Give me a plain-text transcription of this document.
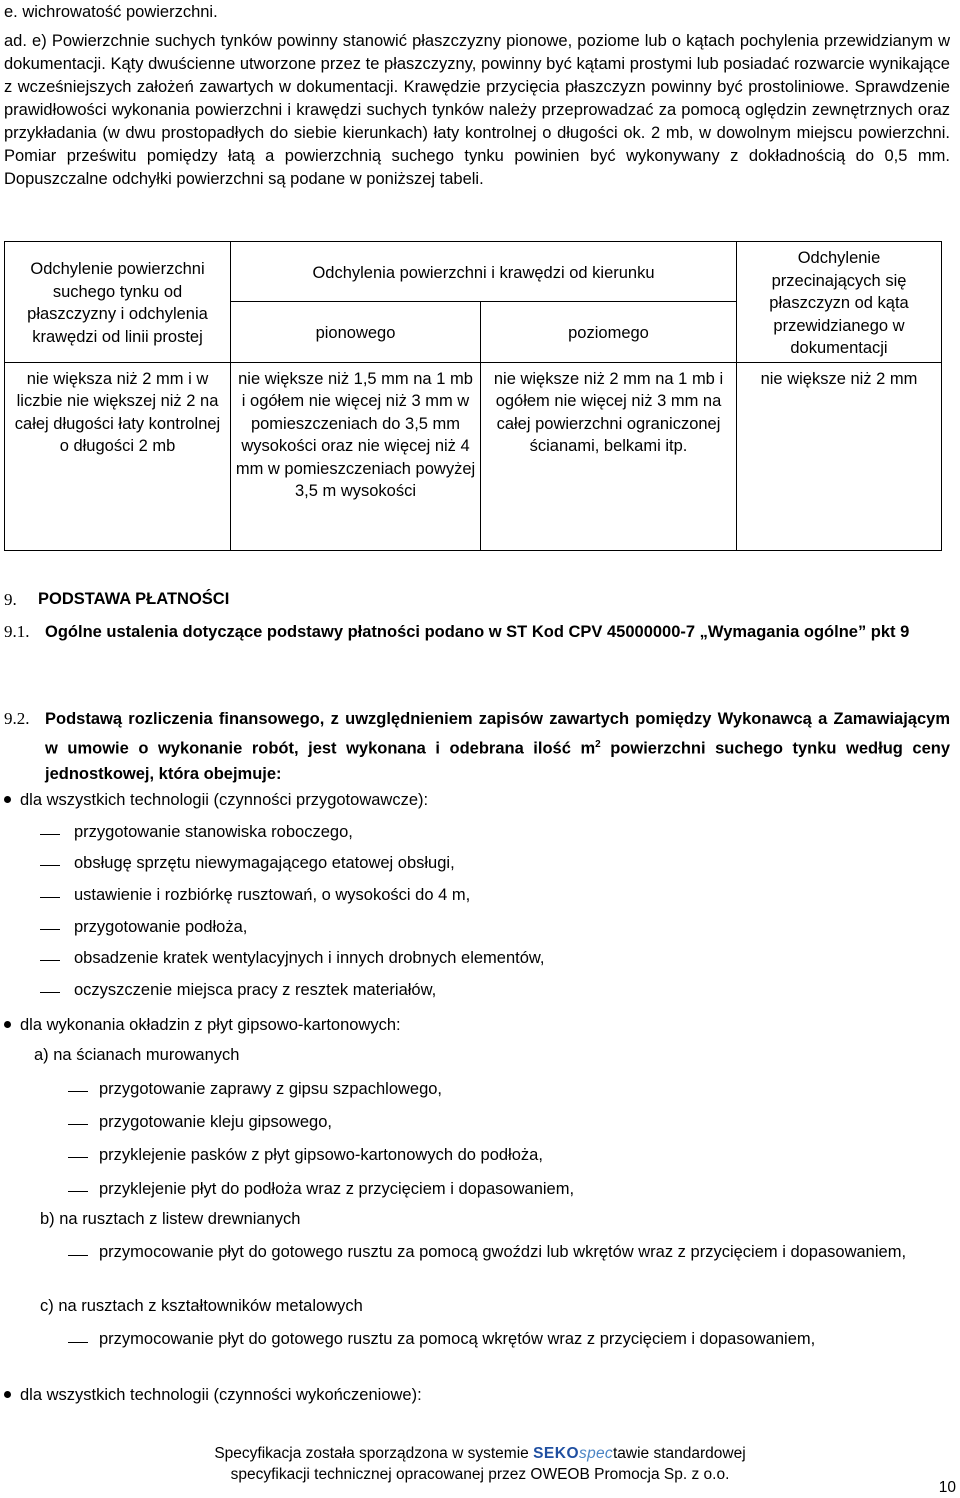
e. wichrowatość powierzchni.
ad. e) Powierzchnie suchych tynków powinny stanowić płaszczyzny pionowe, poziome lub o kątach pochylenia przewidzianym w dokumentacji. Kąty dwuścienne utworzone przez te płaszczyzny, powinny być kątami prostymi lub posiadać rozwarcie wynikające z wcześniejszych założeń zawartych w dokumentacji. Krawędzie przycięcia płaszczyzn powinny być prostoliniowe. Sprawdzenie prawidłowości wykonania powierzchni i krawędzi suchych tynków należy przeprowadzać za pomocą oględzin zewnętrznych oraz przykładania (w dwu prostopadłych do siebie kierunkach) łaty kontrolnej o długości ok. 2 mb, w dowolnym miejscu powierzchni. Pomiar prześwitu pomiędzy łatą a powierzchnią suchego tynku powinien być wykonywany z dokładnością do 0,5 mm. Dopuszczalne odchyłki powierzchni są podane w poniższej tabeli.
Odchylenie powierzchni suchego tynku od płaszczyzny i odchylenia krawędzi od linii prostej	Odchylenia powierzchni i krawędzi od kierunku		Odchylenie przecinających się płaszczyzn od kąta przewidzianego w dokumentacji
	pionowego	poziomego	
nie większa niż 2 mm i w liczbie nie większej niż 2 na całej długości łaty kontrolnej o długości 2 mb	nie większe niż 1,5 mm na 1 mb i ogółem nie więcej niż 3 mm w pomieszczeniach do 3,5 mm wysokości oraz nie więcej niż 4 mm w pomieszczeniach powyżej 3,5 m wysokości	nie większe niż 2 mm na 1 mb i ogółem nie więcej niż 3 mm na całej powierzchni ograniczonej ścianami, belkami itp.	nie większe niż 2 mm
9. PODSTAWA PŁATNOŚCI
9.1. Ogólne ustalenia dotyczące podstawy płatności podano w ST Kod CPV 45000000-7 „Wymagania ogólne” pkt 9
9.2. Podstawą rozliczenia finansowego, z uwzględnieniem zapisów zawartych pomiędzy Wykonawcą a Zamawiającym w umowie o wykonanie robót, jest wykonana i odebrana ilość $m^2$ powierzchni suchego tynku według ceny jednostkowej, która obejmuje:
dla wszystkich technologii (czynności przygotowawcze):
przygotowanie stanowiska roboczego,
obsługę sprzętu niewymagającego etatowej obsługi,
ustawienie i rozbiórkę rusztowań, o wysokości do 4 m,
przygotowanie podłoża,
obsadzenie kratek wentylacyjnych i innych drobnych elementów,
oczyszczenie miejsca pracy z resztek materiałów,
dla wykonania okładzin z płyt gipsowo-kartonowych:
a) na ścianach murowanych
przygotowanie zaprawy z gipsu szpachlowego,
przygotowanie kleju gipsowego,
przyklejenie pasków z płyt gipsowo-kartonowych do podłoża,
przyklejenie płyt do podłoża wraz z przycięciem i dopasowaniem,
b) na rusztach z listew drewnianych
przymocowanie płyt do gotowego rusztu za pomocą gwoździ lub wkrętów wraz z przycięciem i dopasowaniem,
c) na rusztach z kształtowników metalowych
przymocowanie płyt do gotowego rusztu za pomocą wkrętów wraz z przycięciem i dopasowaniem,
dla wszystkich technologii (czynności wykończeniowe):
Specyfikacja została sporządzona w systemie SEKOspectawie standardowej
specyfikacji technicznej opracowanej przez OWEOB Promocja Sp. z o.o.
10
